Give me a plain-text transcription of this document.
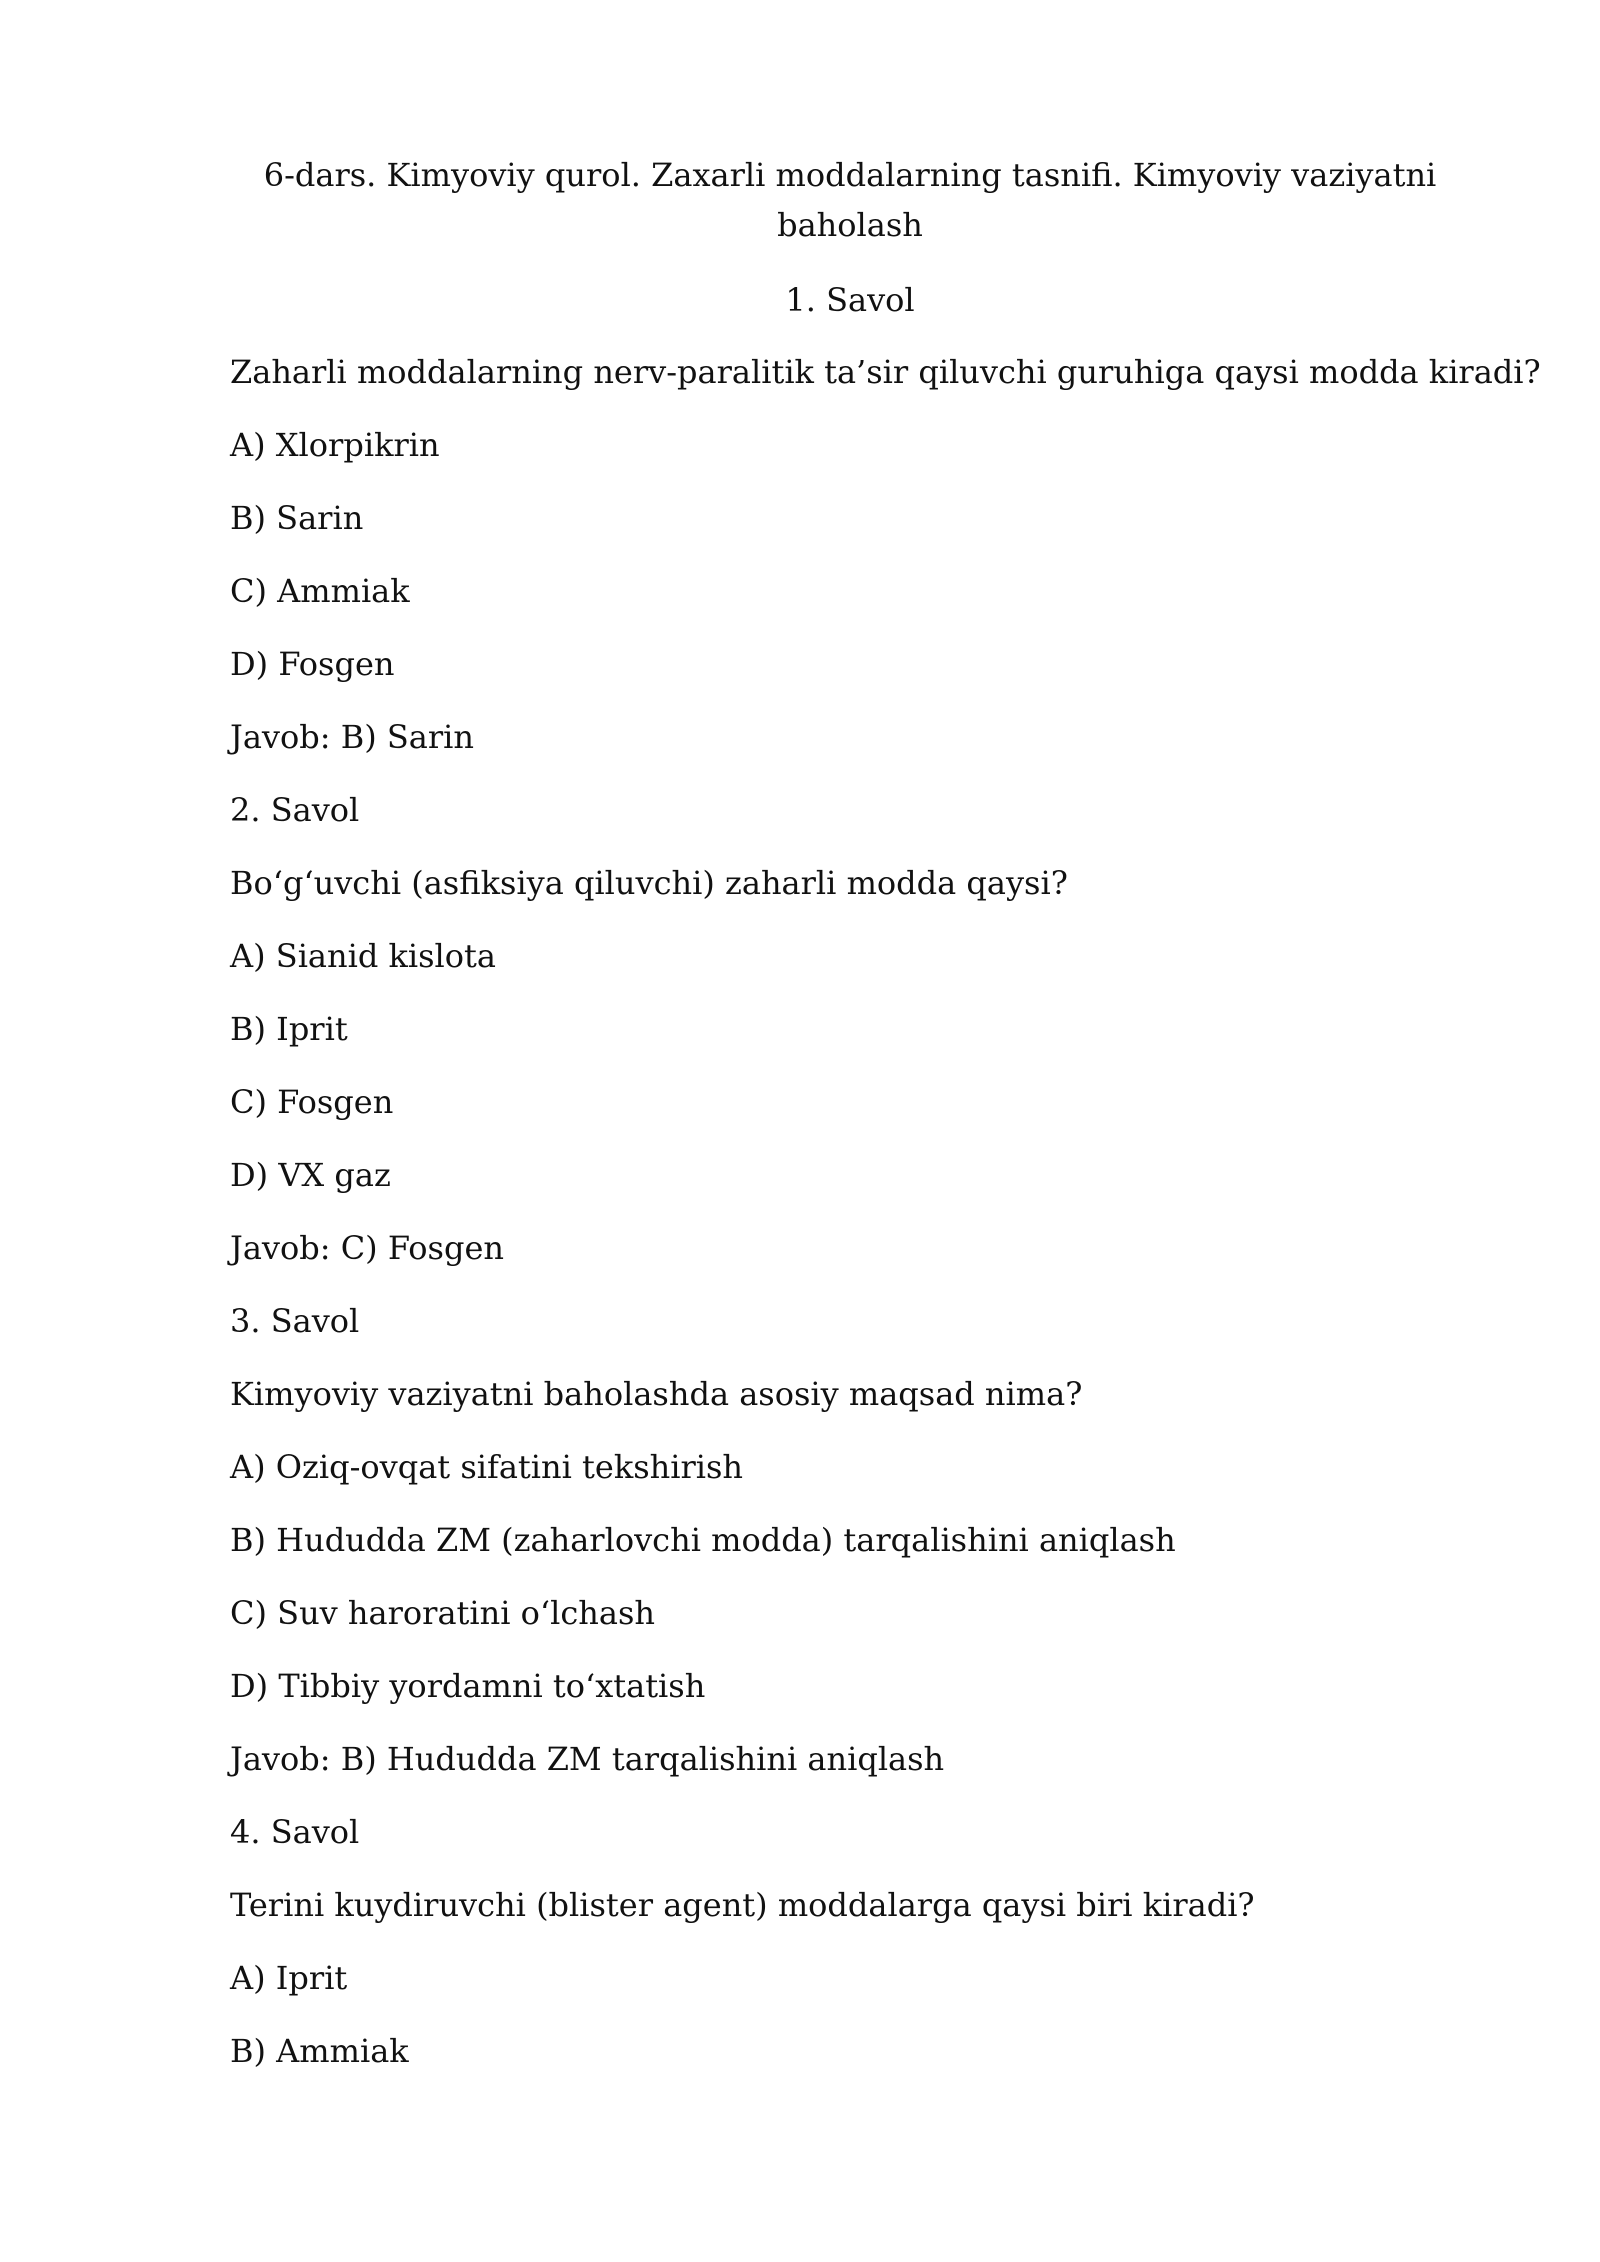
6-dars. Kimyoviy qurol. Zaxarli moddalarning tasnifi. Kimyoviy vaziyatni
baholash

1. Savol

Zaharli moddalarning nerv-paralitik ta’sir qiluvchi guruhiga qaysi modda kiradi?

A) Xlorpikrin

B) Sarin

C) Ammiak

D) Fosgen

Javob: B) Sarin

2. Savol

Bo‘g‘uvchi (asfiksiya qiluvchi) zaharli modda qaysi?

A) Sianid kislota

B) Iprit

C) Fosgen

D) VX gaz

Javob: C) Fosgen

3. Savol

Kimyoviy vaziyatni baholashda asosiy maqsad nima?

A) Oziq-ovqat sifatini tekshirish

B) Hududda ZM (zaharlovchi modda) tarqalishini aniqlash

C) Suv haroratini o‘lchash

D) Tibbiy yordamni to‘xtatish

Javob: B) Hududda ZM tarqalishini aniqlash

4. Savol

Terini kuydiruvchi (blister agent) moddalarga qaysi biri kiradi?

A) Iprit

B) Ammiak
